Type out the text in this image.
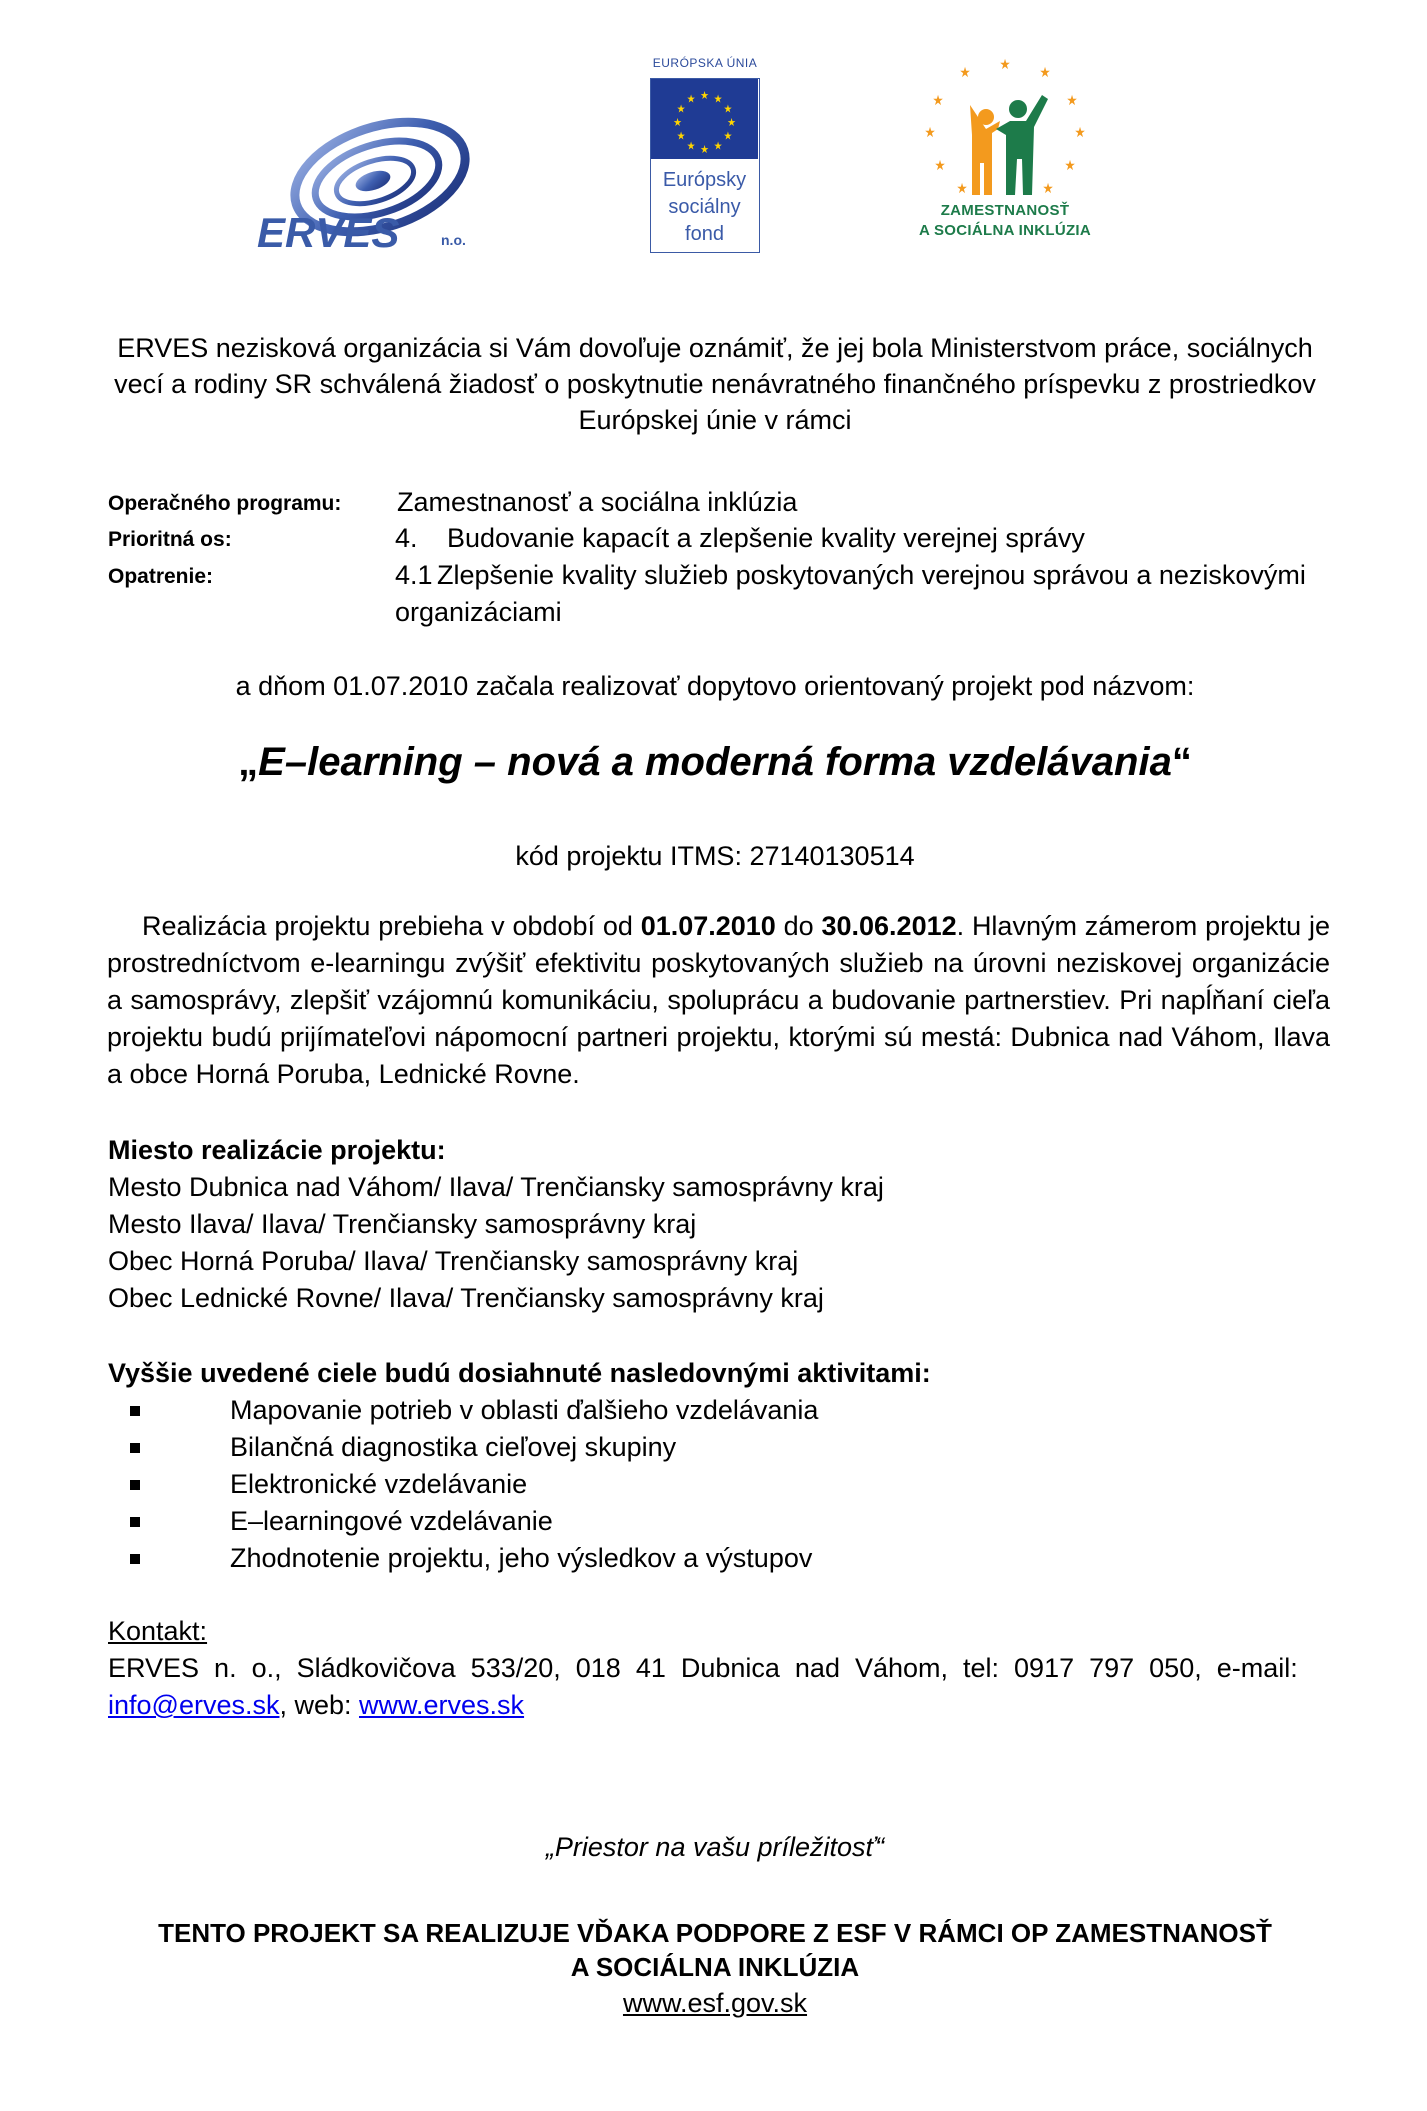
ERVES	n.o.
EURÓPSKA ÚNIA
★ ★
★
★
★
★
★
★
★
★
★
★
Európsky
sociálny
fond
★ ★
★
★
★
★
★
★
★
★
★
ZAMESTNANOSŤ
A SOCIÁLNA INKLÚZIA
ERVES nezisková organizácia si Vám dovoľuje oznámiť, že jej bola Ministerstvom práce, sociálnych
vecí a rodiny SR schválená žiadosť o poskytnutie nenávratného finančného príspevku z prostriedkov
Európskej únie v rámci
Operačného programu: Zamestnanosť a sociálna inklúzia
Prioritná os:	4. Budovanie kapacít a zlepšenie kvality verejnej správy
Opatrenie:	4.1 Zlepšenie kvality služieb poskytovaných verejnou správou a neziskovými
organizáciami
a dňom 01.07.2010 začala realizovať dopytovo orientovaný projekt pod názvom:
„E–learning – nová a moderná forma vzdelávania“
kód projektu ITMS: 27140130514
Realizácia projektu prebieha v období od 01.07.2010 do 30.06.2012. Hlavným zámerom projektu je prostredníctvom e-learningu zvýšiť efektivitu poskytovaných služieb na úrovni neziskovej organizácie a samosprávy, zlepšiť vzájomnú komunikáciu, spoluprácu a budovanie partnerstiev. Pri napĺňaní cieľa projektu budú prijímateľovi nápomocní partneri projektu, ktorými sú mestá: Dubnica nad Váhom, Ilava a obce Horná Poruba, Lednické Rovne.
Miesto realizácie projektu:
Mesto Dubnica nad Váhom/ Ilava/ Trenčiansky samosprávny kraj
Mesto Ilava/ Ilava/ Trenčiansky samosprávny kraj
Obec Horná Poruba/ Ilava/ Trenčiansky samosprávny kraj
Obec Lednické Rovne/ Ilava/ Trenčiansky samosprávny kraj
Vyššie uvedené ciele budú dosiahnuté nasledovnými aktivitami:
Mapovanie potrieb v oblasti ďalšieho vzdelávania
Bilančná diagnostika cieľovej skupiny
Elektronické vzdelávanie
E–learningové vzdelávanie
Zhodnotenie projektu, jeho výsledkov a výstupov
Kontakt:
ERVES  n.  o.,  Sládkovičova  533/20,  018  41  Dubnica  nad  Váhom,  tel:  0917  797  050,  e-mail:
info@erves.sk, web: www.erves.sk
„Priestor na vašu príležitosť“
TENTO PROJEKT SA REALIZUJE VĎAKA PODPORE Z ESF V RÁMCI OP ZAMESTNANOSŤ
A SOCIÁLNA INKLÚZIA
www.esf.gov.sk
